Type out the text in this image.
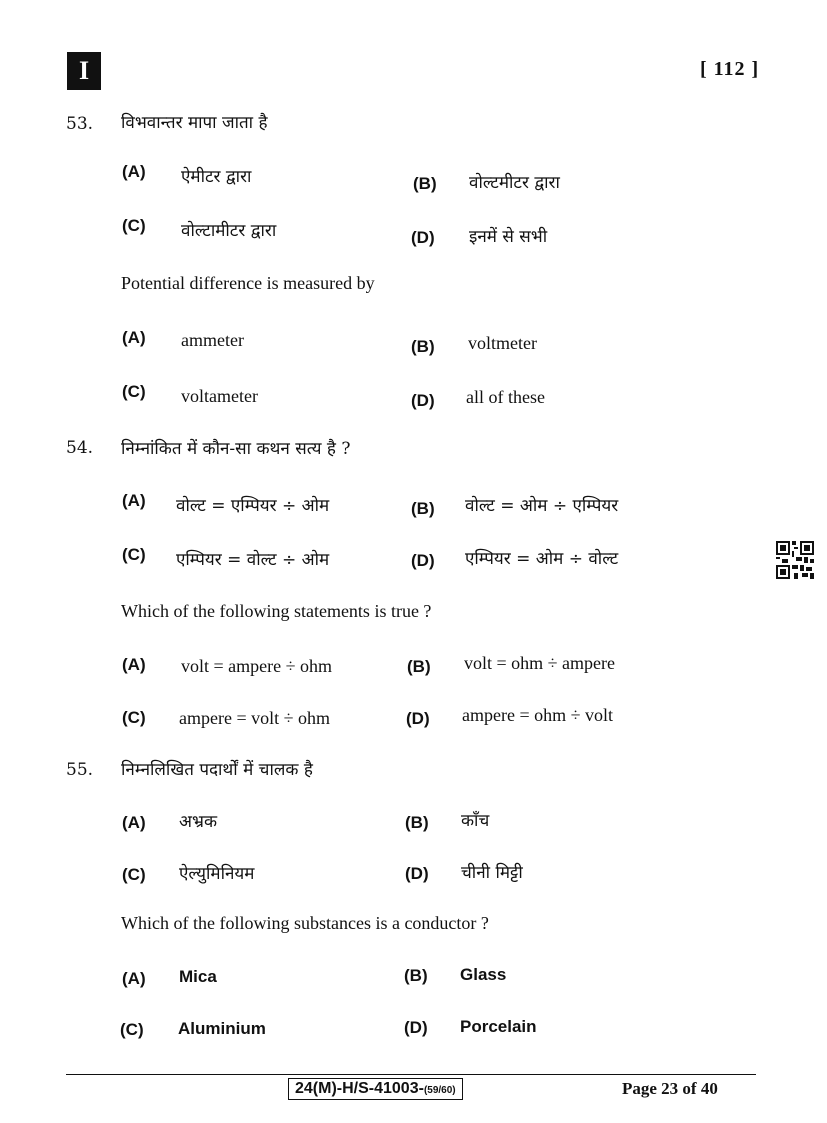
I	[ 112 ]
53. विभवान्तर मापा जाता है
(A) ऐमीटर द्वारा	(B) वोल्टमीटर द्वारा
(C) वोल्टामीटर द्वारा	(D) इनमें से सभी
Potential difference is measured by
(A) ammeter	(B) voltmeter
(C) voltameter	(D) all of these
54. निम्नांकित में कौन-सा कथन सत्य है ?
(A) वोल्ट = एम्पियर ÷ ओम	(B) वोल्ट = ओम ÷ एम्पियर
(C) एम्पियर = वोल्ट ÷ ओम	(D) एम्पियर = ओम ÷ वोल्ट
Which of the following statements is true ?
(A) volt = ampere ÷ ohm	(B) volt = ohm ÷ ampere
(C) ampere = volt ÷ ohm	(D) ampere = ohm ÷ volt
55. निम्नलिखित पदार्थों में चालक है
(A) अभ्रक	(B) काँच
(C) ऐल्युमिनियम	(D) चीनी मिट्टी
Which of the following substances is a conductor ?
(A) Mica	(B) Glass
(C) Aluminium	(D) Porcelain
24(M)-H/S-41003-(59/60)	Page 23 of 40
